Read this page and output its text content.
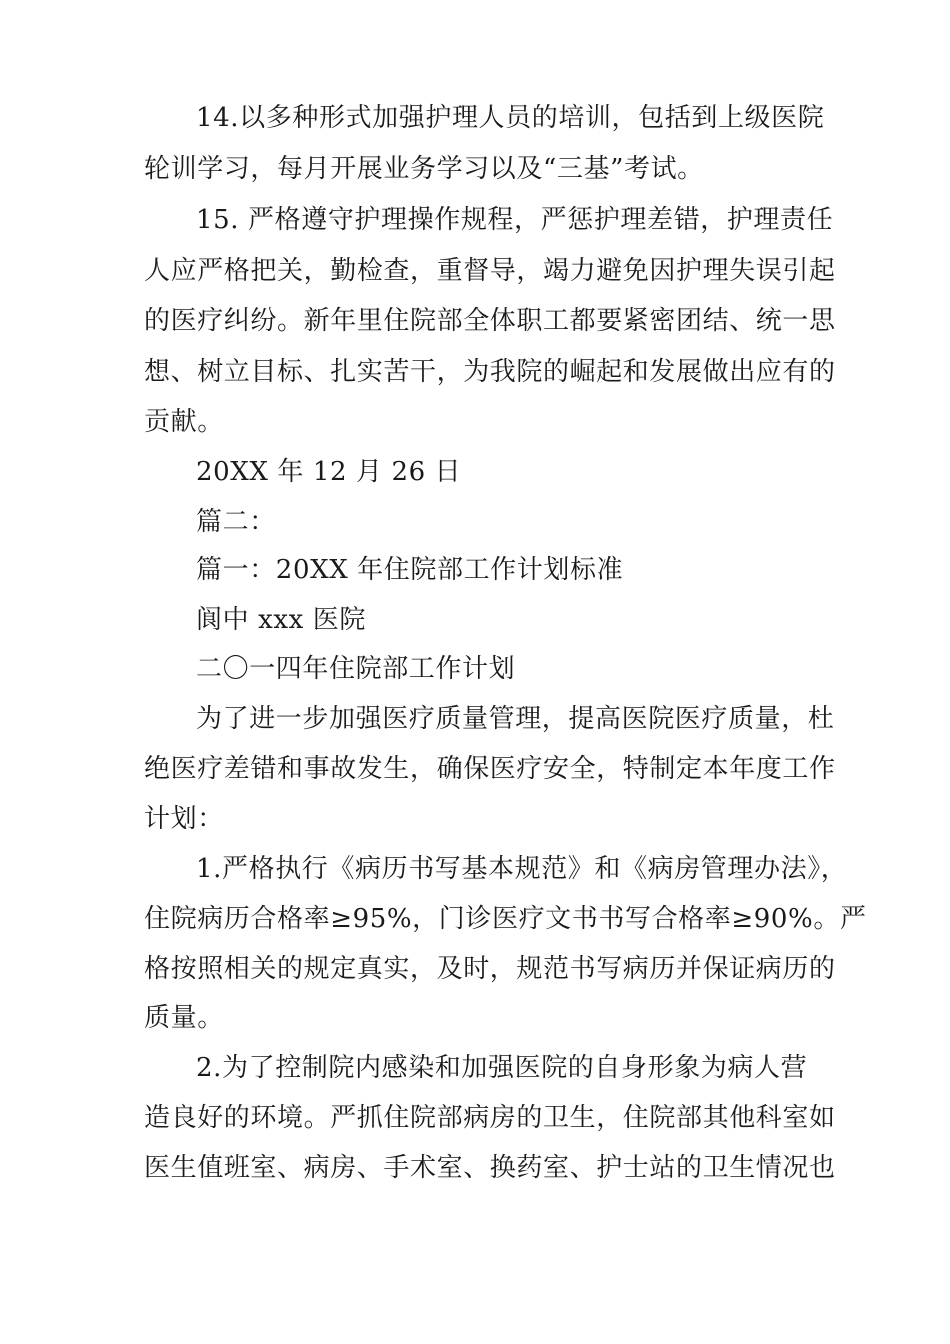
14.以多种形式加强护理人员的培训，包括到上级医院
轮训学习，每月开展业务学习以及“三基”考试。
15. 严格遵守护理操作规程，严惩护理差错，护理责任
人应严格把关，勤检查，重督导，竭力避免因护理失误引起
的医疗纠纷。新年里住院部全体职工都要紧密团结、统一思
想、树立目标、扎实苦干，为我院的崛起和发展做出应有的
贡献。
20XX 年 12 月 26 日
篇二：
篇一：20XX 年住院部工作计划标准
阆中 xxx 医院
二〇一四年住院部工作计划
为了进一步加强医疗质量管理，提高医院医疗质量，杜
绝医疗差错和事故发生，确保医疗安全，特制定本年度工作
计划：
1.严格执行《病历书写基本规范》和《病房管理办法》，
住院病历合格率≥95%，门诊医疗文书书写合格率≥90%。严
格按照相关的规定真实，及时，规范书写病历并保证病历的
质量。
2.为了控制院内感染和加强医院的自身形象为病人营
造良好的环境。严抓住院部病房的卫生，住院部其他科室如
医生值班室、病房、手术室、换药室、护士站的卫生情况也
